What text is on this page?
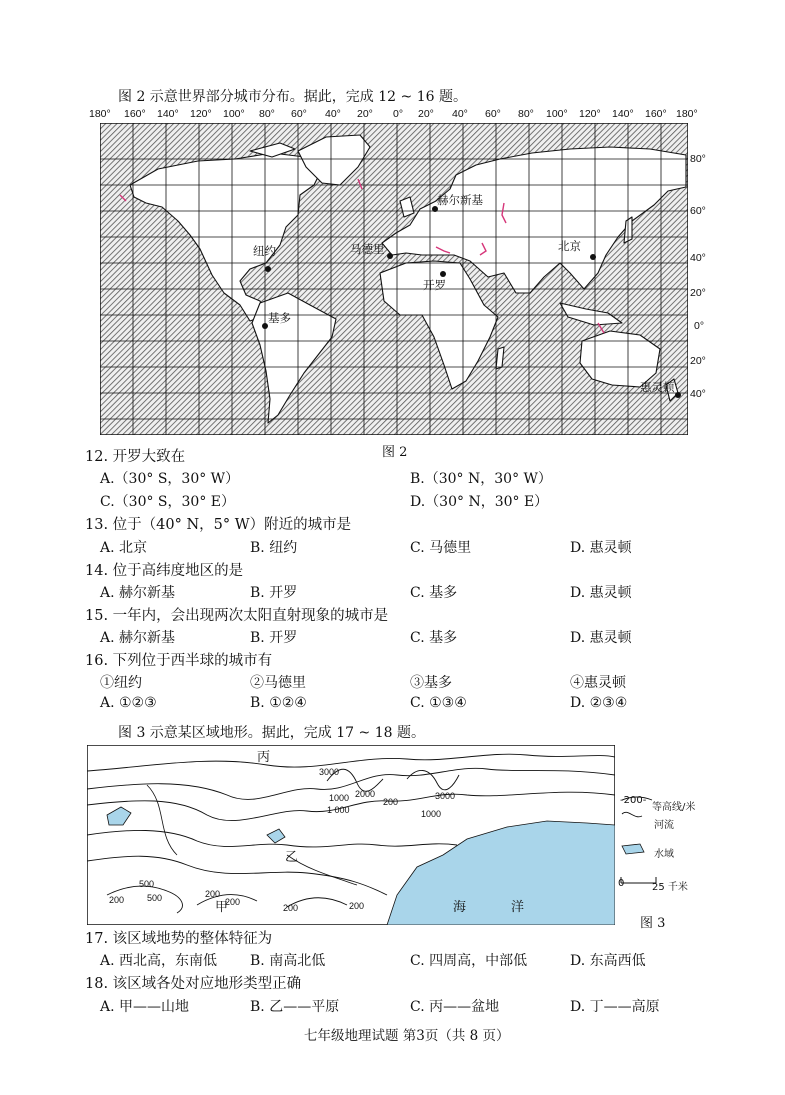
图 2 示意世界部分城市分布。据此，完成 12 ~ 16 题。
180° 160° 140° 120° 100° 80° 60° 40° 20° 0° 20° 40° 60° 80° 100° 120° 140° 160° 180°
赫尔新基
纽约	马德里	北京
开罗
基多
惠灵顿
80°
60°
40°
20°
0°
20°
40°
图 2
12. 开罗大致在
A.（30° S，30° W）	B.（30° N，30° W）
C.（30° S，30° E）	D.（30° N，30° E）
13. 位于（40° N，5° W）附近的城市是
A. 北京	B. 纽约	C. 马德里	D. 惠灵顿
14. 位于高纬度地区的是
A. 赫尔新基	B. 开罗	C. 基多	D. 惠灵顿
15. 一年内，会出现两次太阳直射现象的城市是
A. 赫尔新基	B. 开罗	C. 基多	D. 惠灵顿
16. 下列位于西半球的城市有
①纽约	②马德里	③基多	④惠灵顿
A. ①②③	B. ①②④	C. ①③④	D. ②③④
图 3 示意某区域地形。据此，完成 17 ~ 18 题。
3000
2000
1000
1 000
200
3000
1000
200
500
500	200
200
200	200
丙
乙
甲	海	洋
-200-
等高线/米
河流
水域
0	25 千米
图 3
17. 该区域地势的整体特征为
A. 西北高，东南低 B. 南高北低	C. 四周高，中部低	D. 东高西低
18. 该区域各处对应地形类型正确
A. 甲——山地	B. 乙——平原	C. 丙——盆地	D. 丁——高原
七年级地理试题 第3页（共 8 页）
